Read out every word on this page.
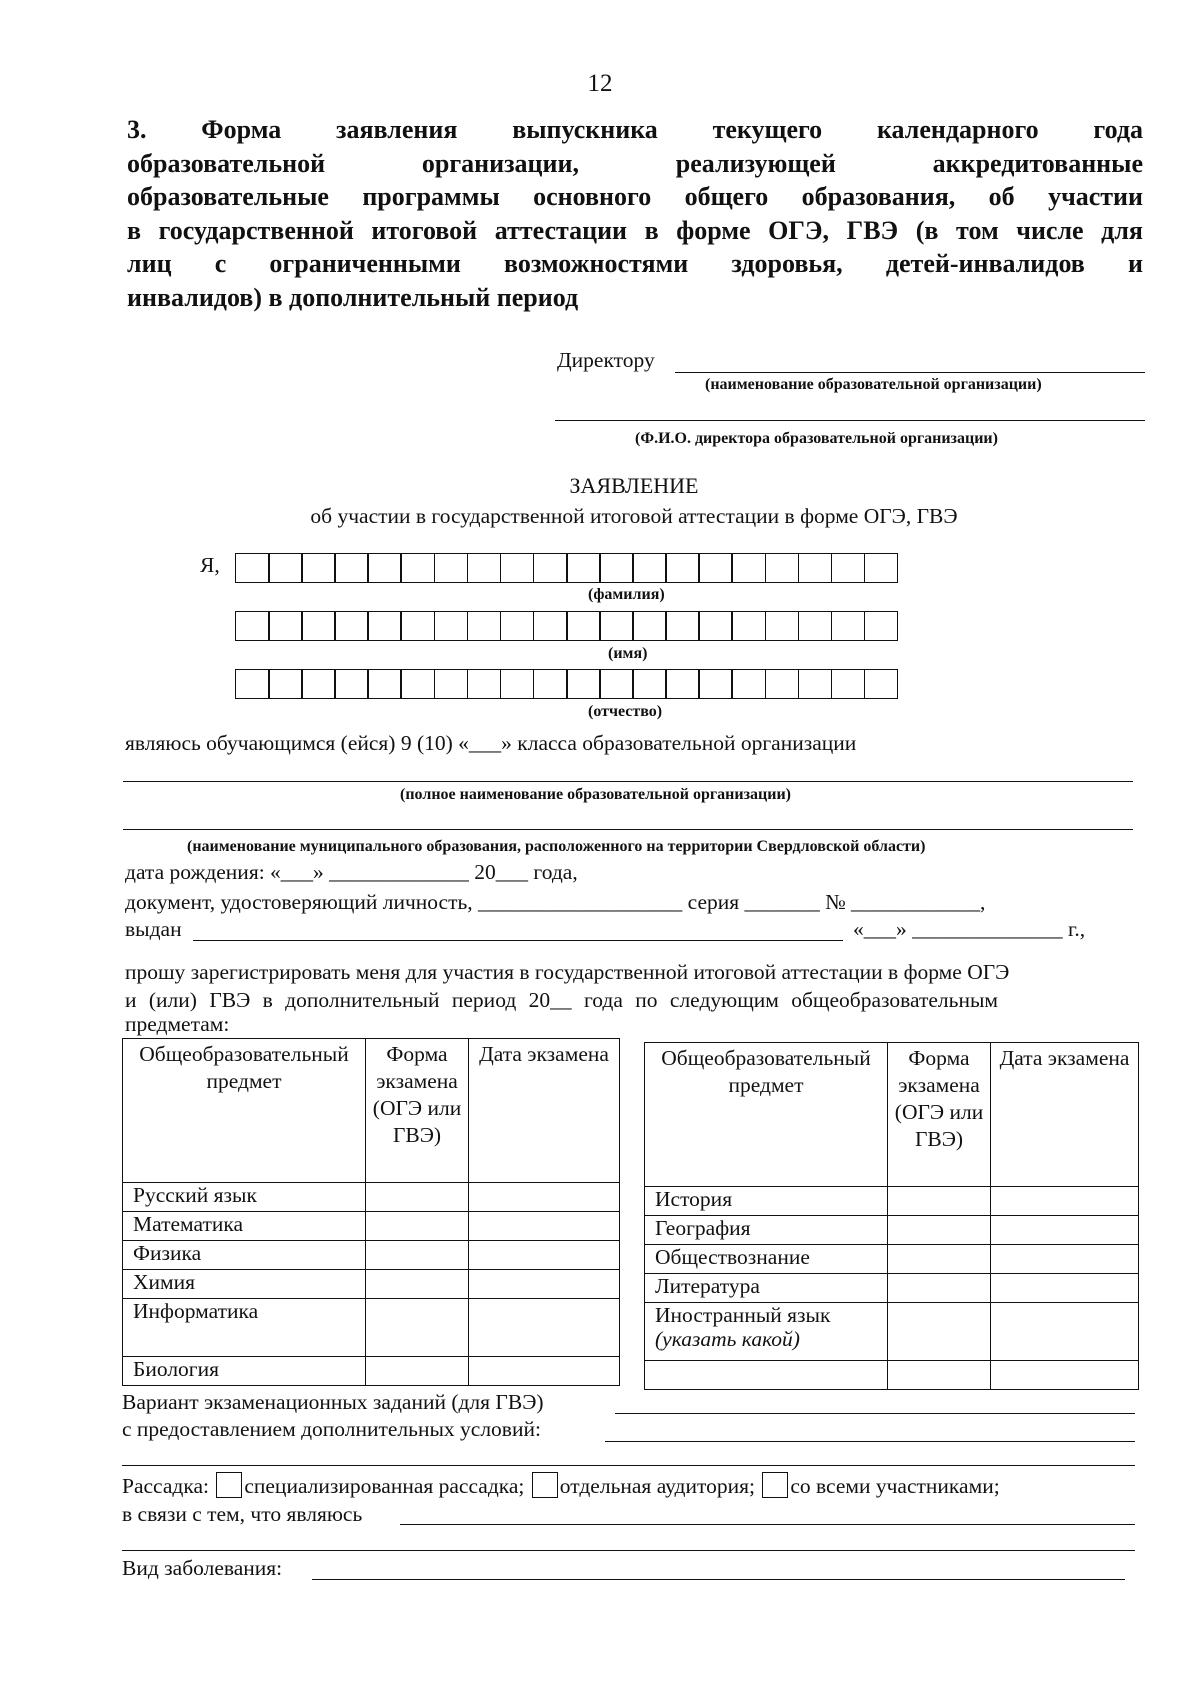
12
3. Форма заявления выпускника текущего календарного года
образовательной организации, реализующей аккредитованные
образовательные программы основного общего образования, об участии
в государственной итоговой аттестации в форме ОГЭ, ГВЭ (в том числе для
лиц с ограниченными возможностями здоровья, детей-инвалидов и
инвалидов) в дополнительный период
Директору
(наименование образовательной организации)
(Ф.И.О. директора образовательной организации)
ЗАЯВЛЕНИЕ
об участии в государственной итоговой аттестации в форме ОГЭ, ГВЭ
Я,
(фамилия)
(имя)
(отчество)
являюсь обучающимся (ейся) 9 (10) «___» класса образовательной организации
(полное наименование образовательной организации)
(наименование муниципального образования, расположенного на территории Свердловской области)
дата рождения: «___» _____________ 20___ года,
документ, удостоверяющий личность, ___________________ серия _______ № ____________,
выдан	«___» ______________ г.,
прошу зарегистрировать меня для участия в государственной итоговой аттестации в форме ОГЭ
и (или) ГВЭ в дополнительный период 20__ года по следующим общеобразовательным
предметам:
Общеобразовательный предмет	Форма экзамена (ОГЭ или ГВЭ)	Дата экзамена
Русский язык		
Математика		
Физика		
Химия		
Информатика		
Биология		
Общеобразовательный предмет	Форма экзамена (ОГЭ или ГВЭ)	Дата экзамена
История		
География		
Обществознание		
Литература		
Иностранный язык
(указать какой)		

Вариант экзаменационных заданий (для ГВЭ)
с предоставлением дополнительных условий:
Рассадка: специализированная рассадка; отдельная аудитория; со всеми участниками;
в связи с тем, что являюсь
Вид заболевания:
